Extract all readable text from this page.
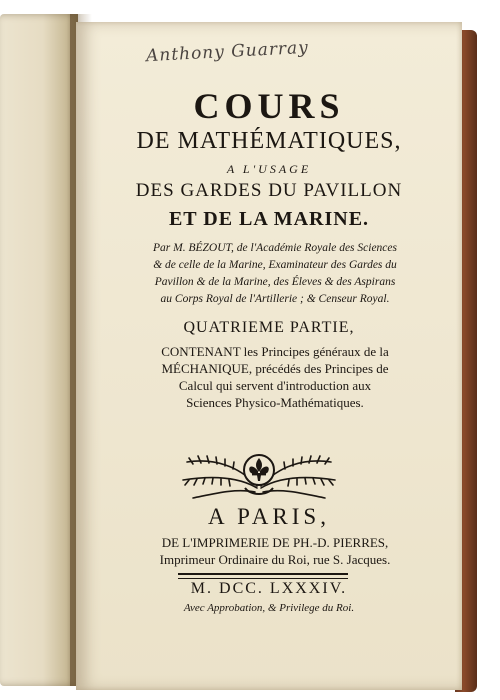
Anthony Guarray
COURS
DE MATHÉMATIQUES,
A L'USAGE
DES GARDES DU PAVILLON
ET DE LA MARINE.
Par M. BÉZOUT, de l'Académie Royale des Sciences
& de celle de la Marine, Examinateur des Gardes du
Pavillon & de la Marine, des Éleves & des Aspirans
au Corps Royal de l'Artillerie ; & Censeur Royal.
QUATRIEME PARTIE,
CONTENANT les Principes généraux de la
MÉCHANIQUE, précédés des Principes de
Calcul qui servent d'introduction aux
Sciences Physico-Mathématiques.
A PARIS,
DE L'IMPRIMERIE DE PH.-D. PIERRES,
Imprimeur Ordinaire du Roi, rue S. Jacques.
M. DCC. LXXXIV.
Avec Approbation, & Privilege du Roi.
